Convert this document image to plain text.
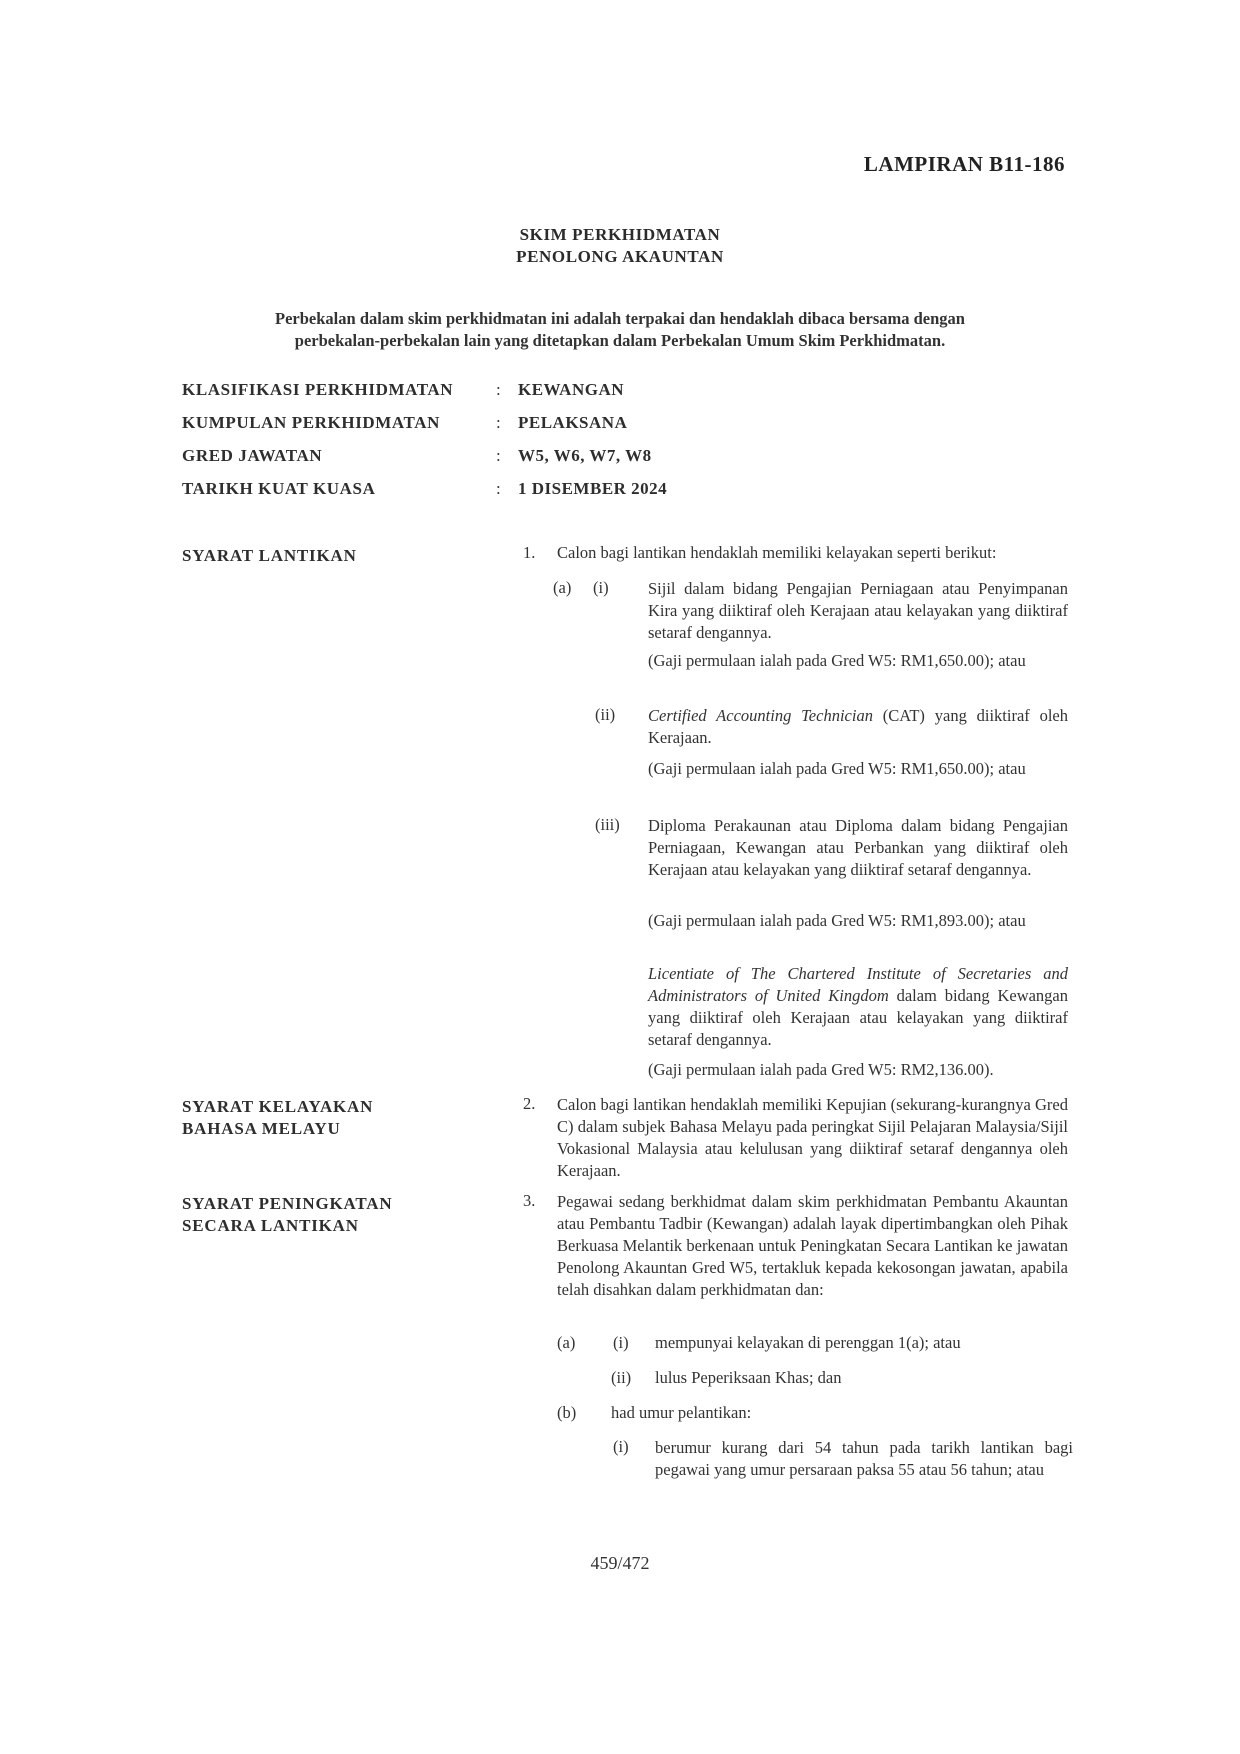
LAMPIRAN B11-186
SKIM PERKHIDMATAN
PENOLONG AKAUNTAN
Perbekalan dalam skim perkhidmatan ini adalah terpakai dan hendaklah dibaca bersama dengan
perbekalan-perbekalan lain yang ditetapkan dalam Perbekalan Umum Skim Perkhidmatan.
KLASIFIKASI PERKHIDMATAN	: KEWANGAN
KUMPULAN PERKHIDMATAN	: PELAKSANA
GRED JAWATAN	: W5, W6, W7, W8
TARIKH KUAT KUASA	: 1 DISEMBER 2024
SYARAT LANTIKAN	1. Calon bagi lantikan hendaklah memiliki kelayakan seperti berikut:
(a) (i) Sijil dalam bidang Pengajian Perniagaan atau Penyimpanan Kira yang diiktiraf oleh Kerajaan atau kelayakan yang diiktiraf setaraf dengannya.
(Gaji permulaan ialah pada Gred W5: RM1,650.00); atau
(ii) Certified Accounting Technician (CAT) yang diiktiraf oleh Kerajaan.
(Gaji permulaan ialah pada Gred W5: RM1,650.00); atau
(iii) Diploma Perakaunan atau Diploma dalam bidang Pengajian Perniagaan, Kewangan atau Perbankan yang diiktiraf oleh Kerajaan atau kelayakan yang diiktiraf setaraf dengannya.
(Gaji permulaan ialah pada Gred W5: RM1,893.00); atau
Licentiate of The Chartered Institute of Secretaries and Administrators of United Kingdom dalam bidang Kewangan yang diiktiraf oleh Kerajaan atau kelayakan yang diiktiraf setaraf dengannya.
(Gaji permulaan ialah pada Gred W5: RM2,136.00).
SYARAT KELAYAKAN
BAHASA MELAYU
2. Calon bagi lantikan hendaklah memiliki Kepujian (sekurang-kurangnya Gred C) dalam subjek Bahasa Melayu pada peringkat Sijil Pelajaran Malaysia/Sijil Vokasional Malaysia atau kelulusan yang diiktiraf setaraf dengannya oleh Kerajaan.
SYARAT PENINGKATAN
SECARA LANTIKAN
3. Pegawai sedang berkhidmat dalam skim perkhidmatan Pembantu Akauntan atau Pembantu Tadbir (Kewangan) adalah layak dipertimbangkan oleh Pihak Berkuasa Melantik berkenaan untuk Peningkatan Secara Lantikan ke jawatan Penolong Akauntan Gred W5, tertakluk kepada kekosongan jawatan, apabila telah disahkan dalam perkhidmatan dan:
(a) (i) mempunyai kelayakan di perenggan 1(a); atau
(ii) lulus Peperiksaan Khas; dan
(b) had umur pelantikan:
(i) berumur kurang dari 54 tahun pada tarikh lantikan bagi pegawai yang umur persaraan paksa 55 atau 56 tahun; atau
459/472
